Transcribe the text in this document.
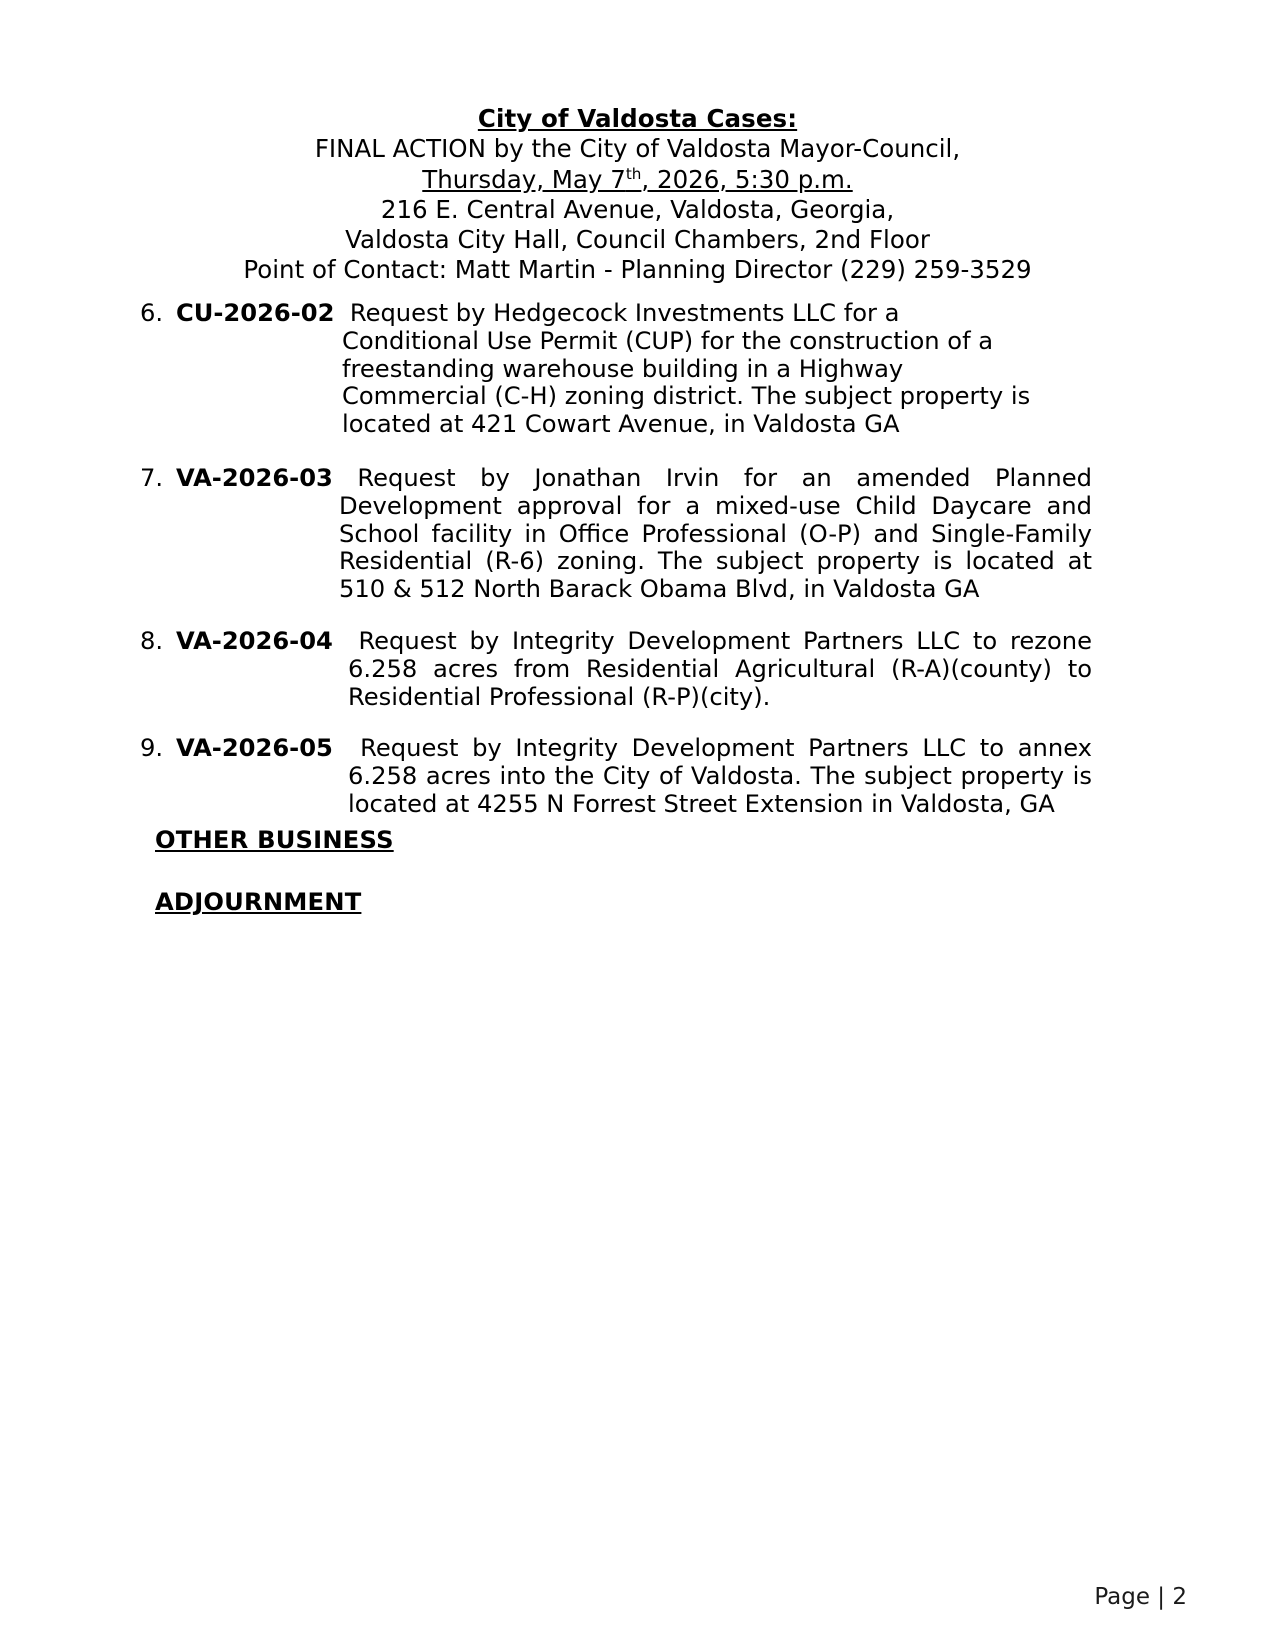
City of Valdosta Cases:
FINAL ACTION by the City of Valdosta Mayor-Council,
Thursday, May 7th, 2026, 5:30 p.m.
216 E. Central Avenue, Valdosta, Georgia,
Valdosta City Hall, Council Chambers, 2nd Floor
Point of Contact: Matt Martin - Planning Director (229) 259-3529
6. CU-2026-02 Request by Hedgecock Investments LLC for a Conditional Use Permit (CUP) for the construction of a freestanding warehouse building in a Highway Commercial (C-H) zoning district. The subject property is located at 421 Cowart Avenue, in Valdosta GA
7. VA-2026-03 Request by Jonathan Irvin for an amended Planned Development approval for a mixed-use Child Daycare and School facility in Office Professional (O-P) and Single-Family Residential (R-6) zoning. The subject property is located at 510 & 512 North Barack Obama Blvd, in Valdosta GA
8. VA-2026-04 Request by Integrity Development Partners LLC to rezone 6.258 acres from Residential Agricultural (R-A)(county) to Residential Professional (R-P)(city).
9. VA-2026-05 Request by Integrity Development Partners LLC to annex 6.258 acres into the City of Valdosta. The subject property is located at 4255 N Forrest Street Extension in Valdosta, GA
OTHER BUSINESS
ADJOURNMENT
Page | 2
